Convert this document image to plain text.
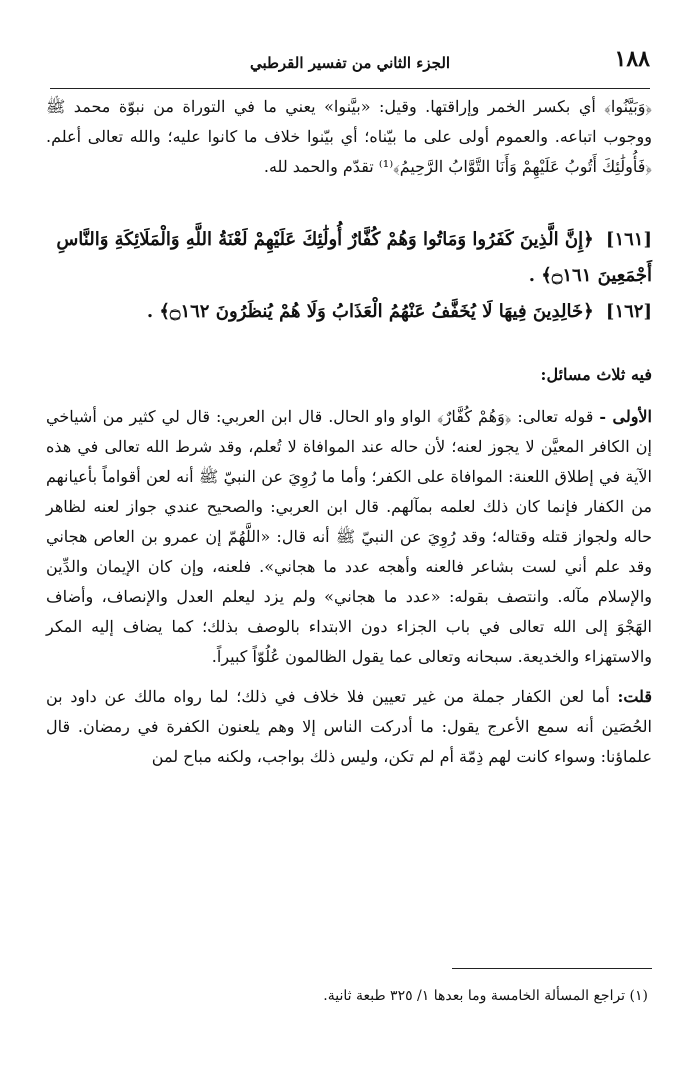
١٨٨
الجزء الثاني من تفسير القرطبي

﴿وَبَيَّنُوا﴾ أي بكسر الخمر وإراقتها. وقيل: «بيَّنوا» يعني ما في التوراة من نبوّة محمد ﷺ ووجوب اتباعه. والعموم أولى على ما بيّناه؛ أي بيّنوا خلاف ما كانوا عليه؛ والله تعالى أعلم. ﴿فَأُولَٰئِكَ أَتُوبُ عَلَيْهِمْ وَأَنَا التَّوَّابُ الرَّحِيمُ﴾⁽¹⁾ تقدّم والحمد لله.

[١٦١] ﴿إِنَّ الَّذِينَ كَفَرُوا وَمَاتُوا وَهُمْ كُفَّارٌ أُولَٰئِكَ عَلَيْهِمْ لَعْنَةُ اللَّهِ وَالْمَلَائِكَةِ وَالنَّاسِ أَجْمَعِينَ ۝١٦١﴾ .

[١٦٢] ﴿خَالِدِينَ فِيهَا لَا يُخَفَّفُ عَنْهُمُ الْعَذَابُ وَلَا هُمْ يُنظَرُونَ ۝١٦٢﴾ .

فيه ثلاث مسائل:

الأولى - قوله تعالى: ﴿وَهُمْ كُفَّارٌ﴾ الواو واو الحال. قال ابن العربي: قال لي كثير من أشياخي إن الكافر المعيَّن لا يجوز لعنه؛ لأن حاله عند الموافاة لا تُعلم، وقد شرط الله تعالى في هذه الآية في إطلاق اللعنة: الموافاة على الكفر؛ وأما ما رُوِيَ عن النبيّ ﷺ أنه لعن أقواماً بأعيانهم من الكفار فإنما كان ذلك لعلمه بمآلهم. قال ابن العربي: والصحيح عندي جواز لعنه لظاهر حاله ولجواز قتله وقتاله؛ وقد رُوِيَ عن النبيّ ﷺ أنه قال: «اللَّهُمّ إن عمرو بن العاص هجاني وقد علم أني لست بشاعر فالعنه وأهجه عدد ما هجاني». فلعنه، وإن كان الإيمان والدِّين والإسلام مآله. وانتصف بقوله: «عدد ما هجاني» ولم يزد ليعلم العدل والإنصاف، وأضاف الهَجْوَ إلى الله تعالى في باب الجزاء دون الابتداء بالوصف بذلك؛ كما يضاف إليه المكر والاستهزاء والخديعة. سبحانه وتعالى عما يقول الظالمون عُلُوّاً كبيراً.

قلت: أما لعن الكفار جملة من غير تعيين فلا خلاف في ذلك؛ لما رواه مالك عن داود بن الحُصَين أنه سمع الأعرج يقول: ما أدركت الناس إلا وهم يلعنون الكفرة في رمضان. قال علماؤنا: وسواء كانت لهم ذِمّة أم لم تكن، وليس ذلك بواجب، ولكنه مباح لمن

(١) تراجع المسألة الخامسة وما بعدها ١/ ٣٢٥ طبعة ثانية.
